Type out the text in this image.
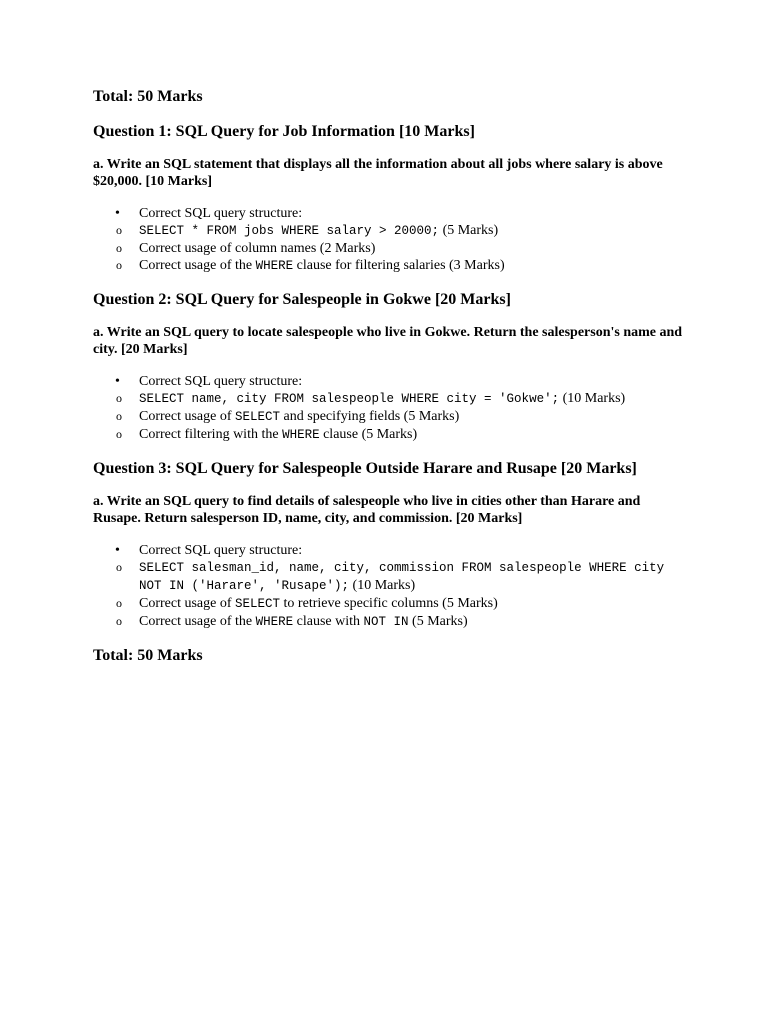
Total: 50 Marks

Question 1: SQL Query for Job Information [10 Marks]

a. Write an SQL statement that displays all the information about all jobs where salary is above $20,000. [10 Marks]

• Correct SQL query structure:
o SELECT * FROM jobs WHERE salary > 20000; (5 Marks)
o Correct usage of column names (2 Marks)
o Correct usage of the WHERE clause for filtering salaries (3 Marks)
Question 2: SQL Query for Salespeople in Gokwe [20 Marks]

a. Write an SQL query to locate salespeople who live in Gokwe. Return the salesperson's name and city. [20 Marks]

• Correct SQL query structure:
o SELECT name, city FROM salespeople WHERE city = 'Gokwe'; (10 Marks)
o Correct usage of SELECT and specifying fields (5 Marks)
o Correct filtering with the WHERE clause (5 Marks)
Question 3: SQL Query for Salespeople Outside Harare and Rusape [20 Marks]

a. Write an SQL query to find details of salespeople who live in cities other than Harare and Rusape. Return salesperson ID, name, city, and commission. [20 Marks]

• Correct SQL query structure:
o SELECT salesman_id, name, city, commission FROM salespeople WHERE city NOT IN ('Harare', 'Rusape'); (10 Marks)
o Correct usage of SELECT to retrieve specific columns (5 Marks)
o Correct usage of the WHERE clause with NOT IN (5 Marks)

Total: 50 Marks
